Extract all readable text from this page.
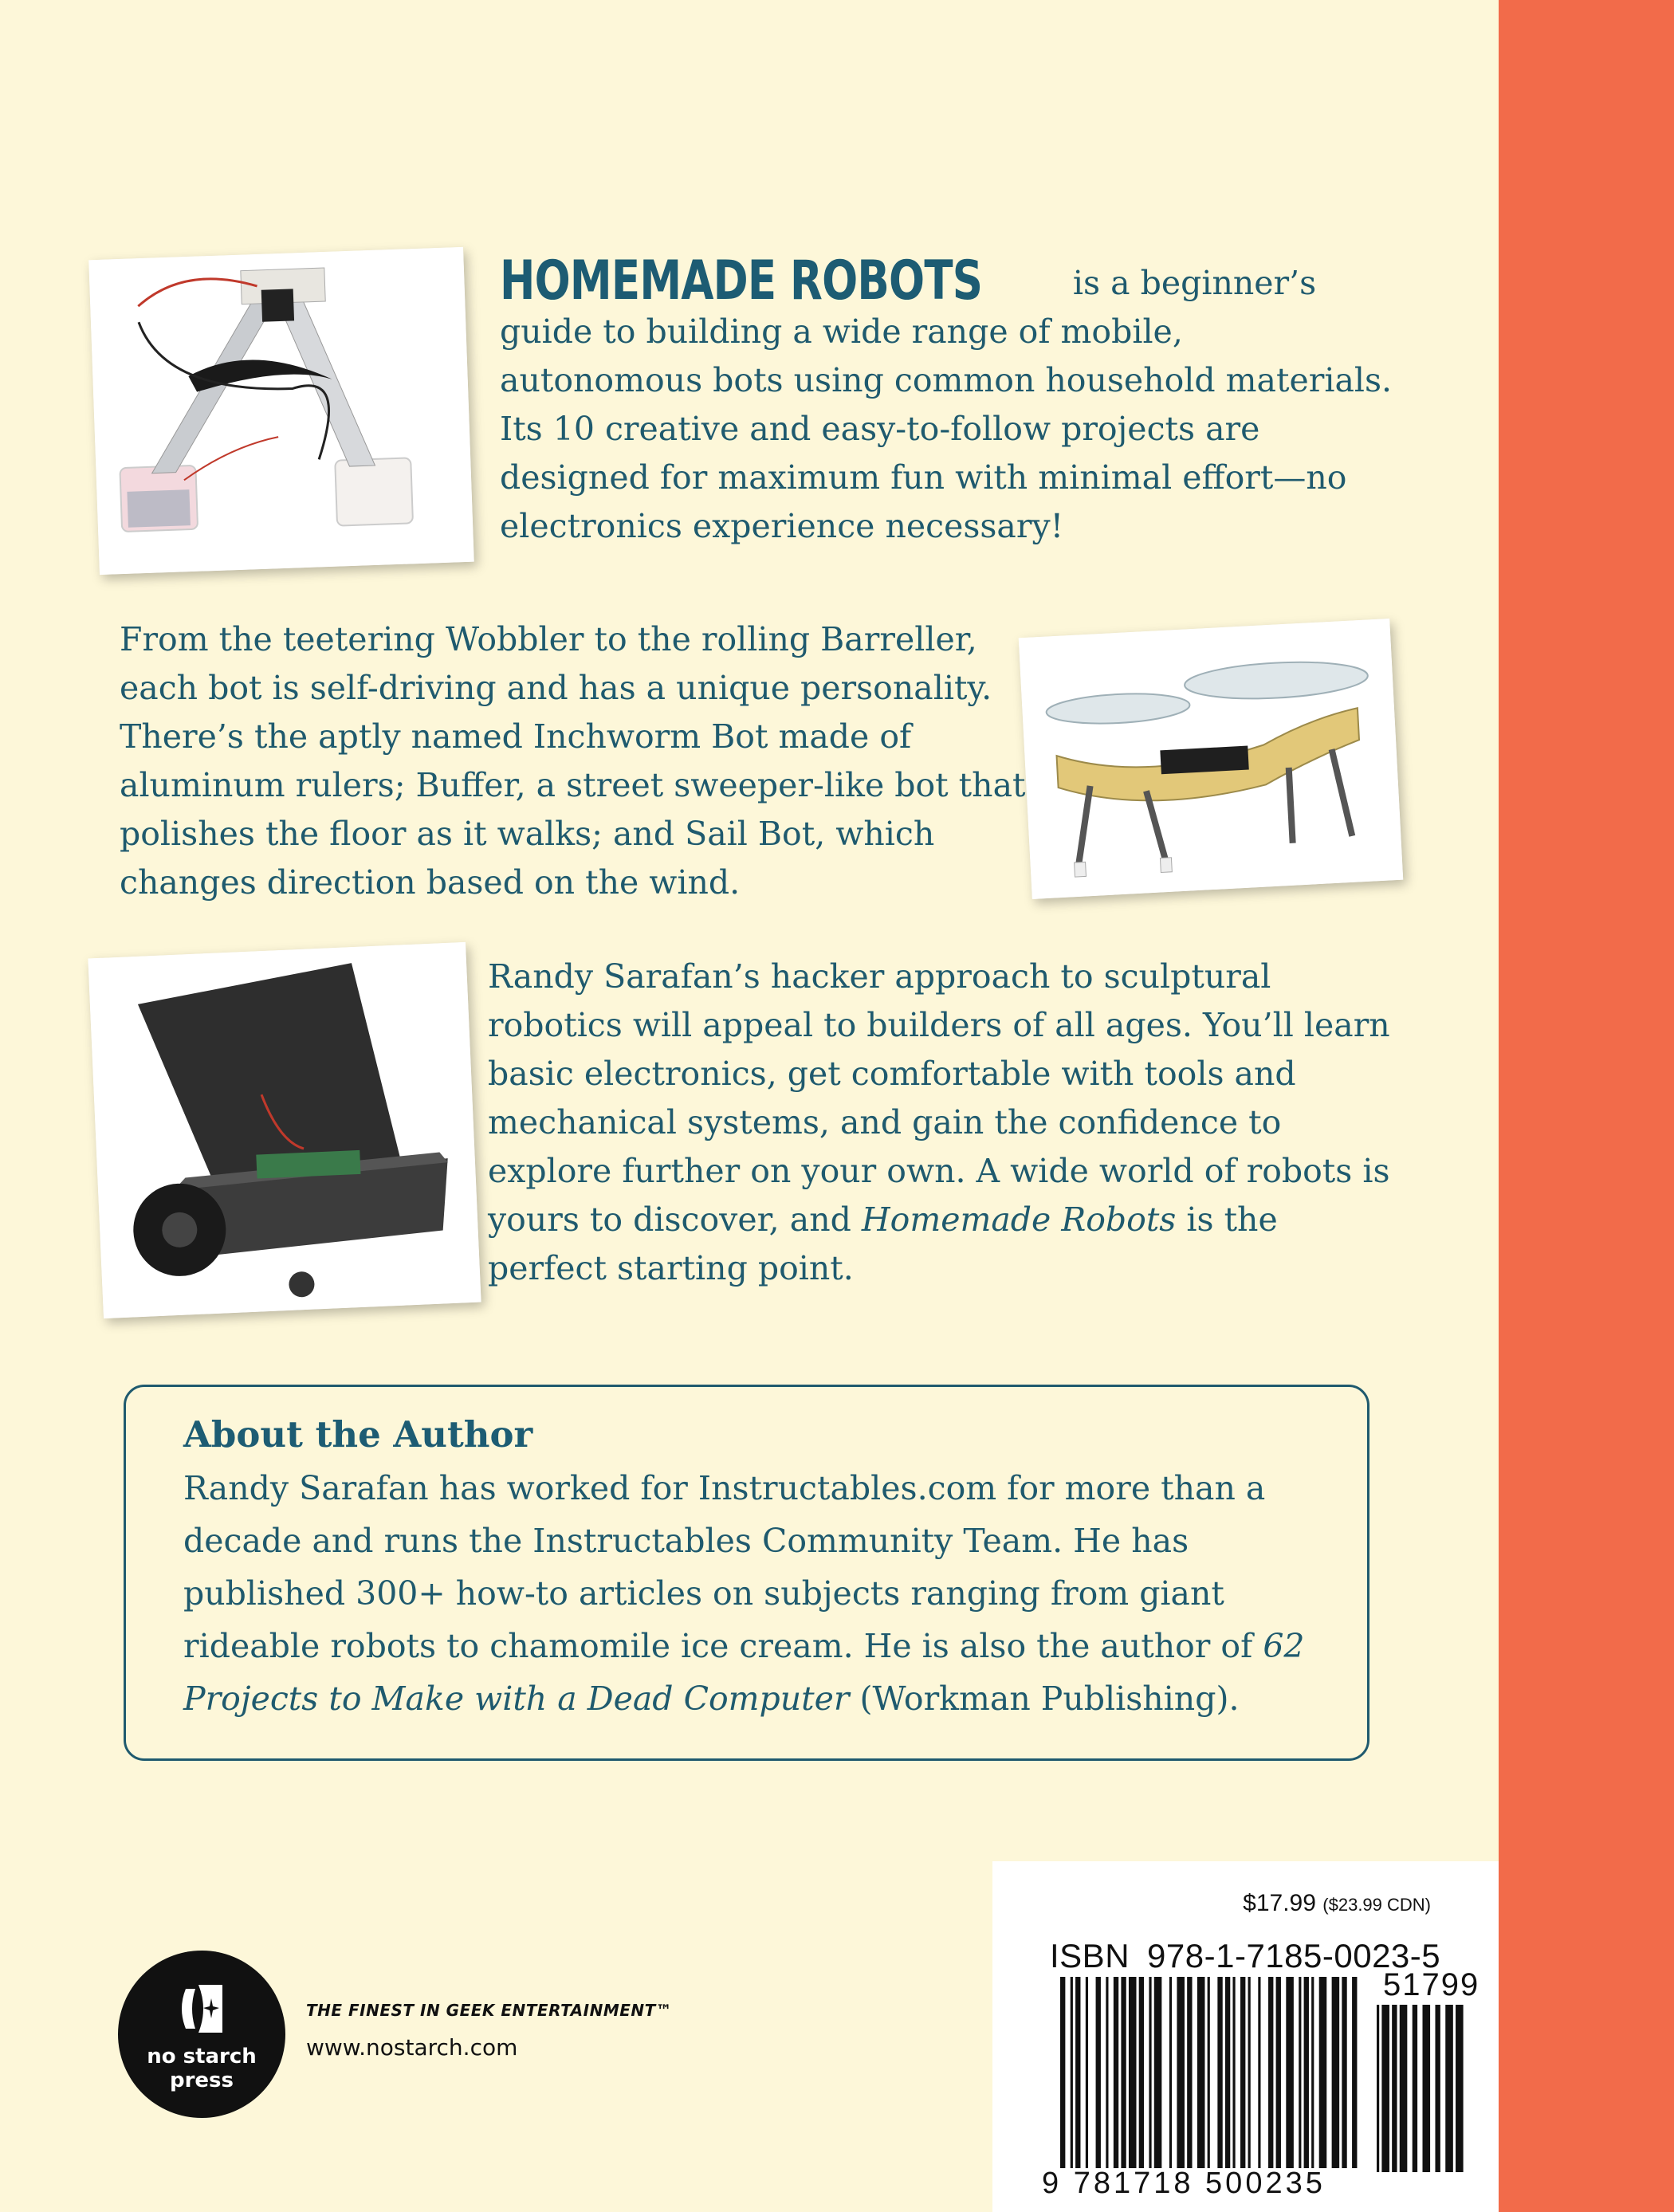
HOMEMADE ROBOTS is a beginner’s guide to building a wide range of mobile, autonomous bots using common household materials. Its 10 creative and easy-to-follow projects are designed for maximum fun with minimal effort—no electronics experience necessary!

From the teetering Wobbler to the rolling Barreller, each bot is self-driving and has a unique personality. There’s the aptly named Inchworm Bot made of aluminum rulers; Buffer, a street sweeper-like bot that polishes the floor as it walks; and Sail Bot, which changes direction based on the wind.

Randy Sarafan’s hacker approach to sculptural robotics will appeal to builders of all ages. You’ll learn basic electronics, get comfortable with tools and mechanical systems, and gain the confidence to explore further on your own. A wide world of robots is yours to discover, and Homemade Robots is the perfect starting point.

About the Author

Randy Sarafan has worked for Instructables.com for more than a decade and runs the Instructables Community Team. He has published 300+ how-to articles on subjects ranging from giant rideable robots to chamomile ice cream. He is also the author of 62 Projects to Make with a Dead Computer (Workman Publishing).

no starch
press
THE FINEST IN GEEK ENTERTAINMENT™
www.nostarch.com
$17.99 ($23.99 CDN)
ISBN 978-1-7185-0023-5
51799
9 781718 500235
